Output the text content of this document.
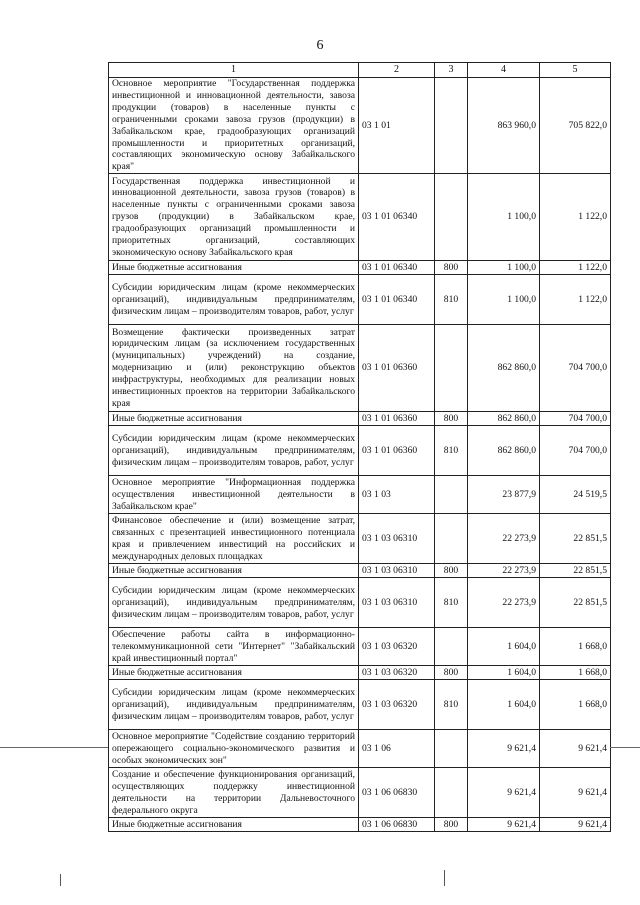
6
1	2	3	4	5
Основное мероприятие "Государственная поддержка инвестиционной и инновационной деятельности, завоза продукции (товаров) в населенные пункты с ограниченными сроками завоза грузов (продукции) в Забайкальском крае, градообразующих организаций промышленности и приоритетных организаций, составляющих экономическую основу Забайкальского края"	03 1 01		863 960,0	705 822,0
Государственная поддержка инвестиционной и инновационной деятельности, завоза грузов (товаров) в населенные пункты с ограниченными сроками завоза грузов (продукции) в Забайкальском крае, градообразующих организаций промышленности и приоритетных организаций, составляющих экономическую основу Забайкальского края	03 1 01 06340		1 100,0	1 122,0
Иные бюджетные ассигнования	03 1 01 06340	800	1 100,0	1 122,0
Субсидии юридическим лицам (кроме некоммерческих организаций), индивидуальным предпринимателям, физическим лицам – производителям товаров, работ, услуг	03 1 01 06340	810	1 100,0	1 122,0
Возмещение фактически произведенных затрат юридическим лицам (за исключением государственных (муниципальных) учреждений) на создание, модернизацию и (или) реконструкцию объектов инфраструктуры, необходимых для реализации новых инвестиционных проектов на территории Забайкальского края	03 1 01 06360		862 860,0	704 700,0
Иные бюджетные ассигнования	03 1 01 06360	800	862 860,0	704 700,0
Субсидии юридическим лицам (кроме некоммерческих организаций), индивидуальным предпринимателям, физическим лицам – производителям товаров, работ, услуг	03 1 01 06360	810	862 860,0	704 700,0
Основное мероприятие "Информационная поддержка осуществления инвестиционной деятельности в Забайкальском крае"	03 1 03		23 877,9	24 519,5
Финансовое обеспечение и (или) возмещение затрат, связанных с презентацией инвестиционного потенциала края и привлечением инвестиций на российских и международных деловых площадках	03 1 03 06310		22 273,9	22 851,5
Иные бюджетные ассигнования	03 1 03 06310	800	22 273,9	22 851,5
Субсидии юридическим лицам (кроме некоммерческих организаций), индивидуальным предпринимателям, физическим лицам – производителям товаров, работ, услуг	03 1 03 06310	810	22 273,9	22 851,5
Обеспечение работы сайта в информационно-телекоммуникационной сети "Интернет" "Забайкальский край инвестиционный портал"	03 1 03 06320		1 604,0	1 668,0
Иные бюджетные ассигнования	03 1 03 06320	800	1 604,0	1 668,0
Субсидии юридическим лицам (кроме некоммерческих организаций), индивидуальным предпринимателям, физическим лицам – производителям товаров, работ, услуг	03 1 03 06320	810	1 604,0	1 668,0
Основное мероприятие "Содействие созданию территорий опережающего социально-экономического развития и особых экономических зон"	03 1 06		9 621,4	9 621,4
Создание и обеспечение функционирования организаций, осуществляющих поддержку инвестиционной деятельности на территории Дальневосточного федерального округа	03 1 06 06830		9 621,4	9 621,4
Иные бюджетные ассигнования	03 1 06 06830	800	9 621,4	9 621,4
